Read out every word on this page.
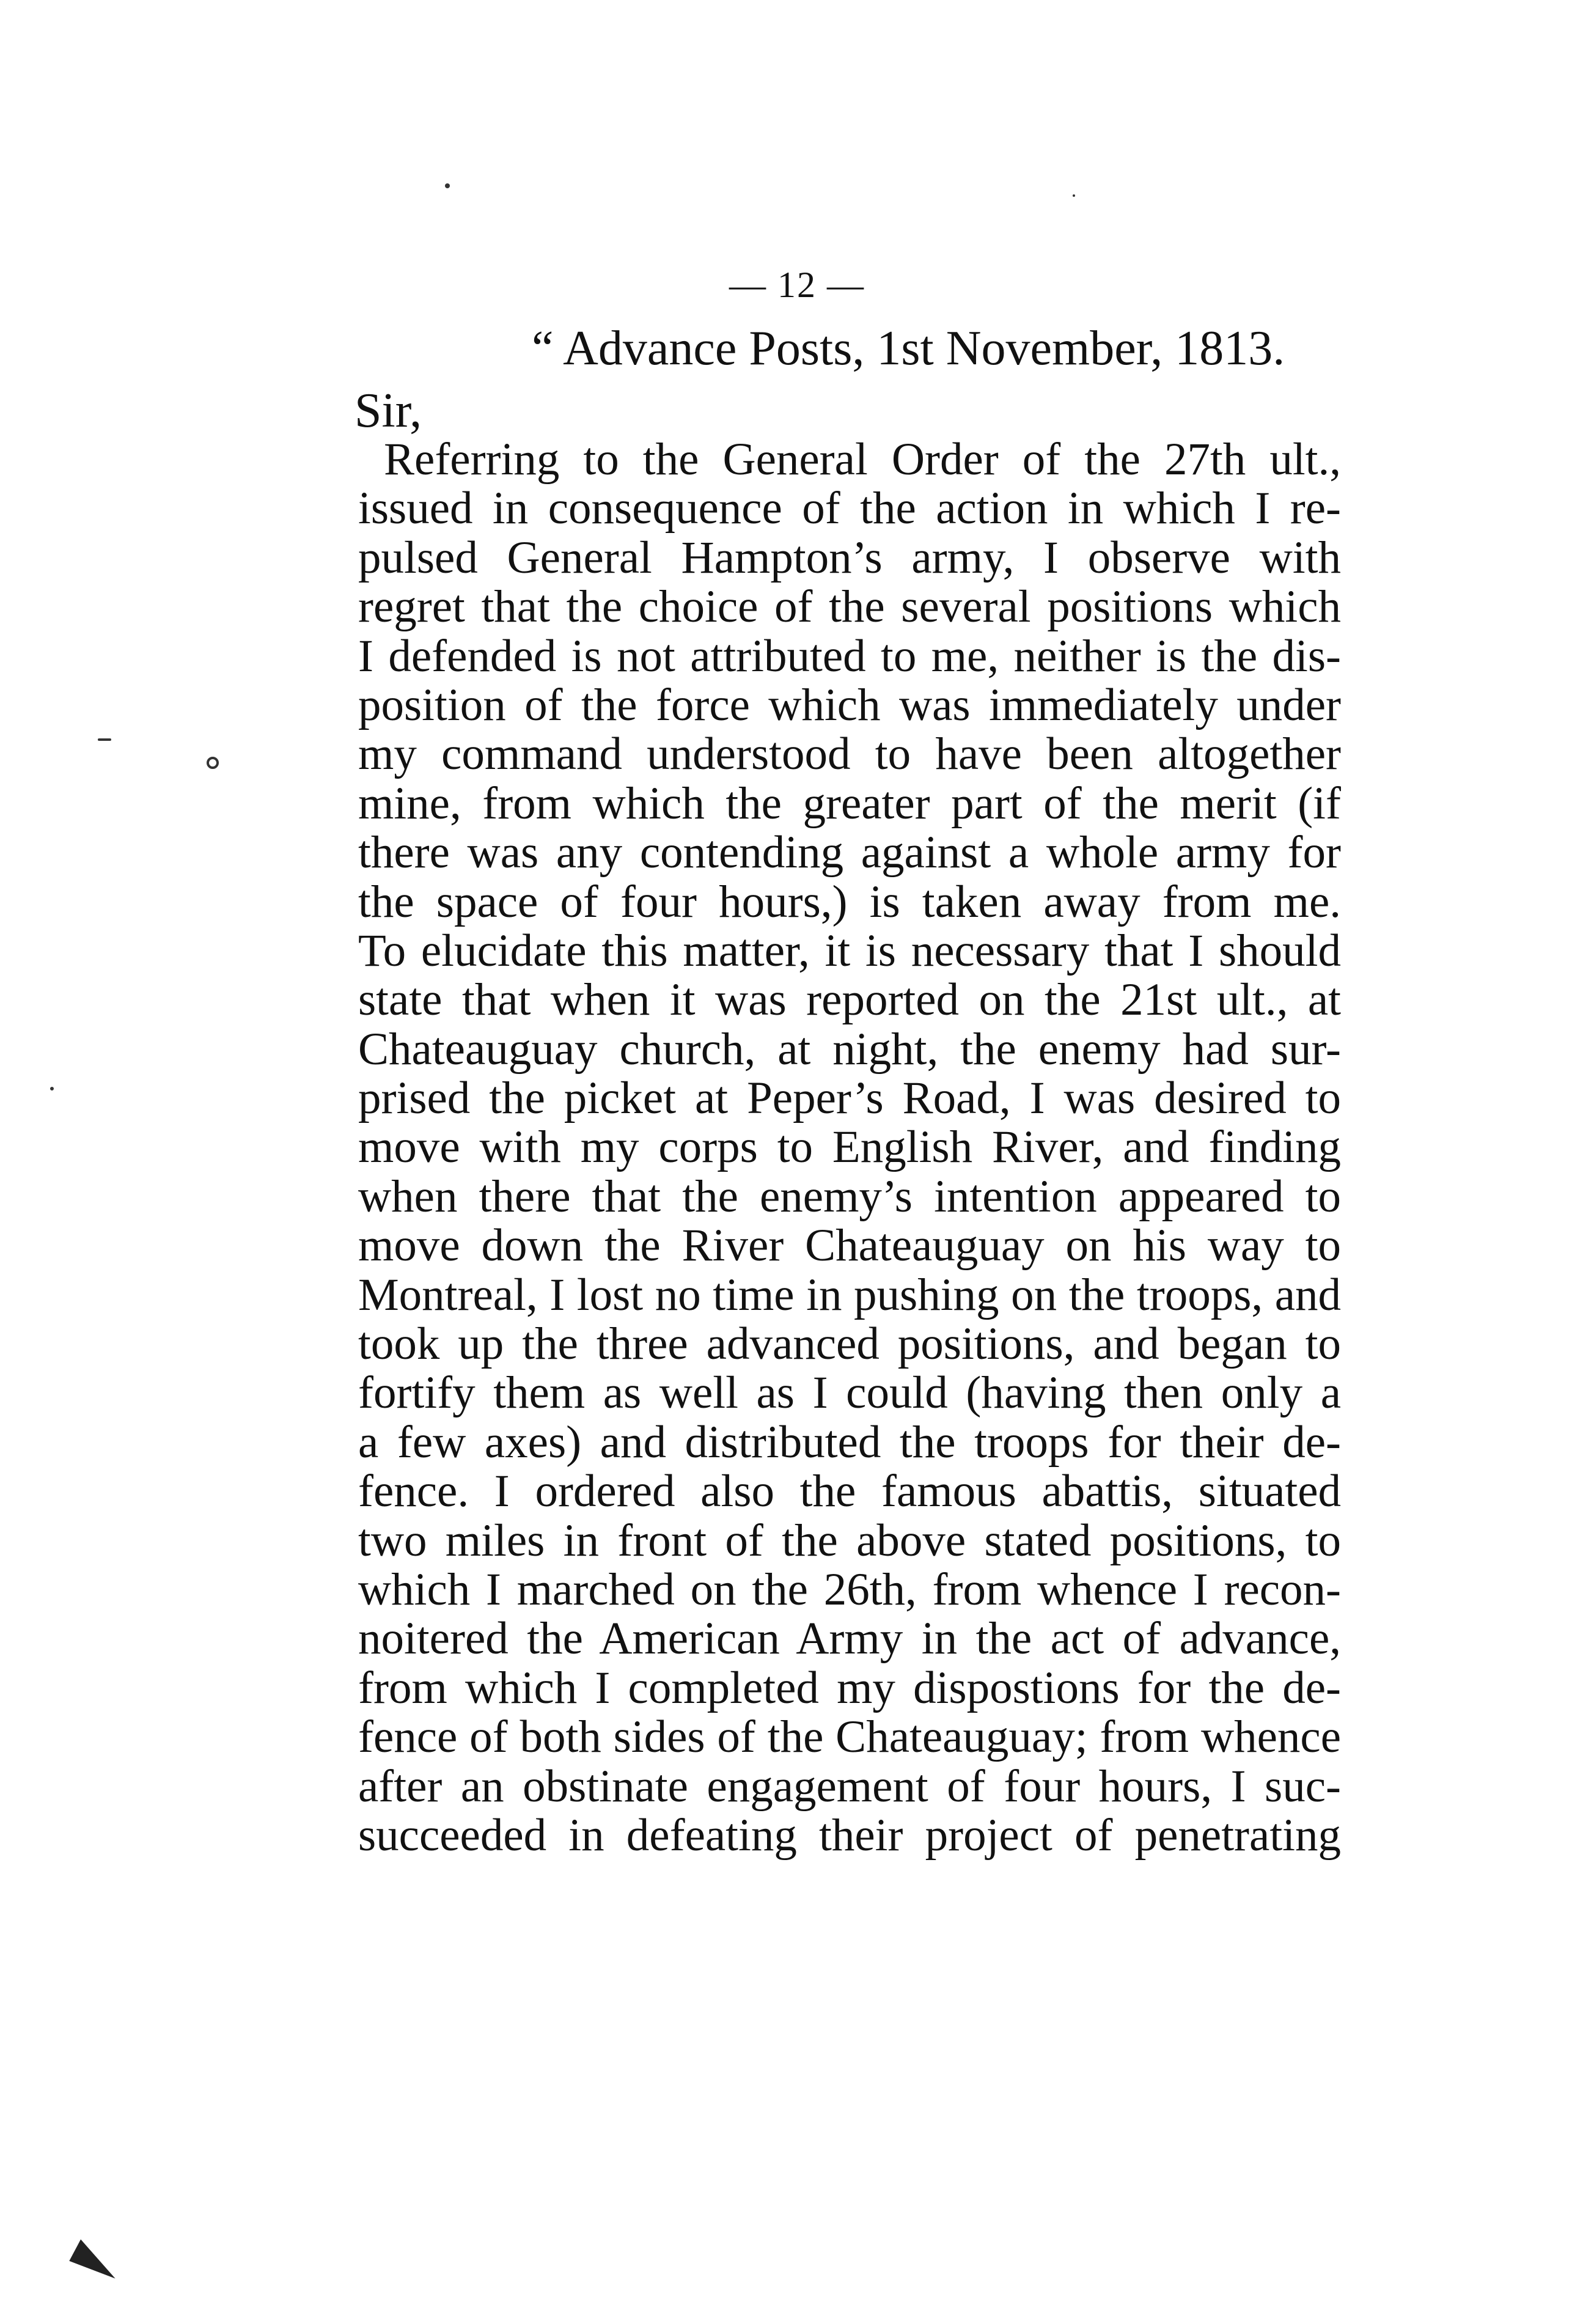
— 12 —
“ Advance Posts, 1st November, 1813.
Sir,
Referring to the General Order of the 27th ult.,
issued in consequence of the action in which I re-
pulsed General Hampton’s army, I observe with
regret that the choice of the several positions which
I defended is not attributed to me, neither is the dis-
position of the force which was immediately under
my command understood to have been altogether
mine, from which the greater part of the merit (if
there was any contending against a whole army for
the space of four hours,) is taken away from me.
To elucidate this matter, it is necessary that I should
state that when it was reported on the 21st ult., at
Chateauguay church, at night, the enemy had sur-
prised the picket at Peper’s Road, I was desired to
move with my corps to English River, and finding
when there that the enemy’s intention appeared to
move down the River Chateauguay on his way to
Montreal, I lost no time in pushing on the troops, and
took up the three advanced positions, and began to
fortify them as well as I could (having then only a
a few axes) and distributed the troops for their de-
fence. I ordered also the famous abattis, situated
two miles in front of the above stated positions, to
which I marched on the 26th, from whence I recon-
noitered the American Army in the act of advance,
from which I completed my dispostions for the de-
fence of both sides of the Chateauguay; from whence
after an obstinate engagement of four hours, I suc-
succeeded in defeating their project of penetrating
